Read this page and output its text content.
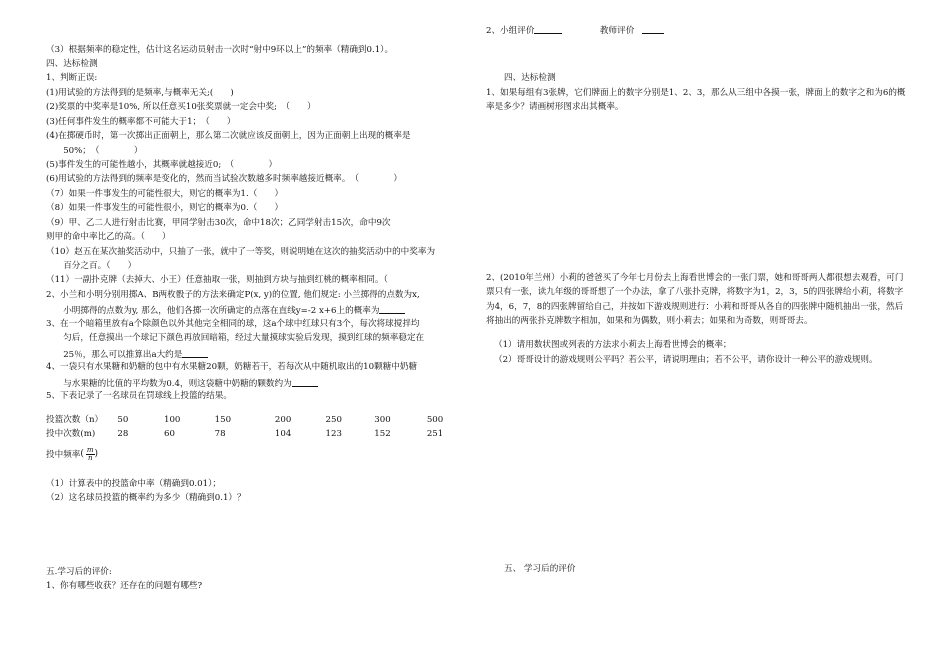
（3）根据频率的稳定性，估计这名运动员射击一次时“射中9环以上”的频率（精确到0.1）。
四、达标检测
1、判断正误:
(1)用试验的方法得到的是频率,与概率无关;(　　)
(2)奖票的中奖率是10%, 所以任意买10张奖票就一定会中奖;　（　　）
(3)任何事件发生的概率都不可能大于1；　（　　）
(4)在掷硬币时，第一次掷出正面朝上，那么第二次就应该反面朝上，因为正面朝上出现的概率是
　　50%；　（　　　　）
(5)事件发生的可能性越小，其概率就越接近0;　（　　　　）
(6)用试验的方法得到的频率是变化的，然而当试验次数越多时频率越接近概率。　（　　　　）
（7）如果一件事发生的可能性很大，则它的概率为1.（　　）
（8）如果一件事发生的可能性很小，则它的概率为0.（　　）
（9）甲、乙二人进行射击比赛，甲同学射击30次，命中18次；乙同学射击15次，命中9次
则甲的命中率比乙的高。（　　）
（10）赵五在某次抽奖活动中，只抽了一张，就中了一等奖，则说明她在这次的抽奖活动中的中奖率为
　　百分之百。（　　）
（11）一副扑克牌（去掉大、小王）任意抽取一张，则抽到方块与抽到红桃的概率相同。（
2、小兰和小明分别用掷A、B两枚骰子的方法来确定P(x, y)的位置, 他们规定: 小兰掷得的点数为x,
　　小明掷得的点数为y, 那么，他们各掷一次所确定的点落在直线y=-2 x+6上的概率为
3、在一个暗箱里放有a个除颜色以外其他完全相同的球，这a个球中红球只有3个，每次将球搅拌均
　　匀后，任意摸出一个球记下颜色再放回暗箱，经过大量摸球实验后发现，摸到红球的频率稳定在
　　25％，那么可以推算出a大约是
4、一袋只有水果糖和奶糖的包中有水果糖20颗，奶糖若干，若每次从中随机取出的10颗糖中奶糖
　　与水果糖的比值的平均数为0.4，则这袋糖中奶糖的颗数约为
5、下表记录了一名球员在罚球线上投篮的结果。
投篮次数（n）	50	100	150	200	250	300	500
投中次数(m)	28	60	78	104	123	152	251
投中频率( $\frac{m}{n}$ )
（1）计算表中的投篮命中率（精确到0.01）；
（2）这名球员投篮的概率约为多少（精确到0.1）？
五.学习后的评价:
1、你有哪些收获？还存在的问题有哪些?
2、小组评价	教师评价
1、如果每组有3张牌，它们牌面上的数字分别是1、2、3，那么从三组中各摸一张，牌面上的数字之和为6的概率是多少？请画树形图求出其概率。
2、(2010年兰州）小莉的爸爸买了今年七月份去上海看世博会的一张门票，她和哥哥两人都很想去观看，可门票只有一张，读九年级的哥哥想了一个办法，拿了八张扑克牌，将数字为1，2，3，5的四张牌给小莉，将数字为4，6，7，8的四张牌留给自己，并按如下游戏规则进行：小莉和哥哥从各自的四张牌中随机抽出一张，然后将抽出的两张扑克牌数字相加，如果和为偶数，则小莉去；如果和为奇数，则哥哥去。
（1）请用数状图或列表的方法求小莉去上海看世博会的概率；
（2）哥哥设计的游戏规则公平吗？若公平，请说明理由；若不公平，请你设计一种公平的游戏规则。
五、 学习后的评价
四、达标检测
